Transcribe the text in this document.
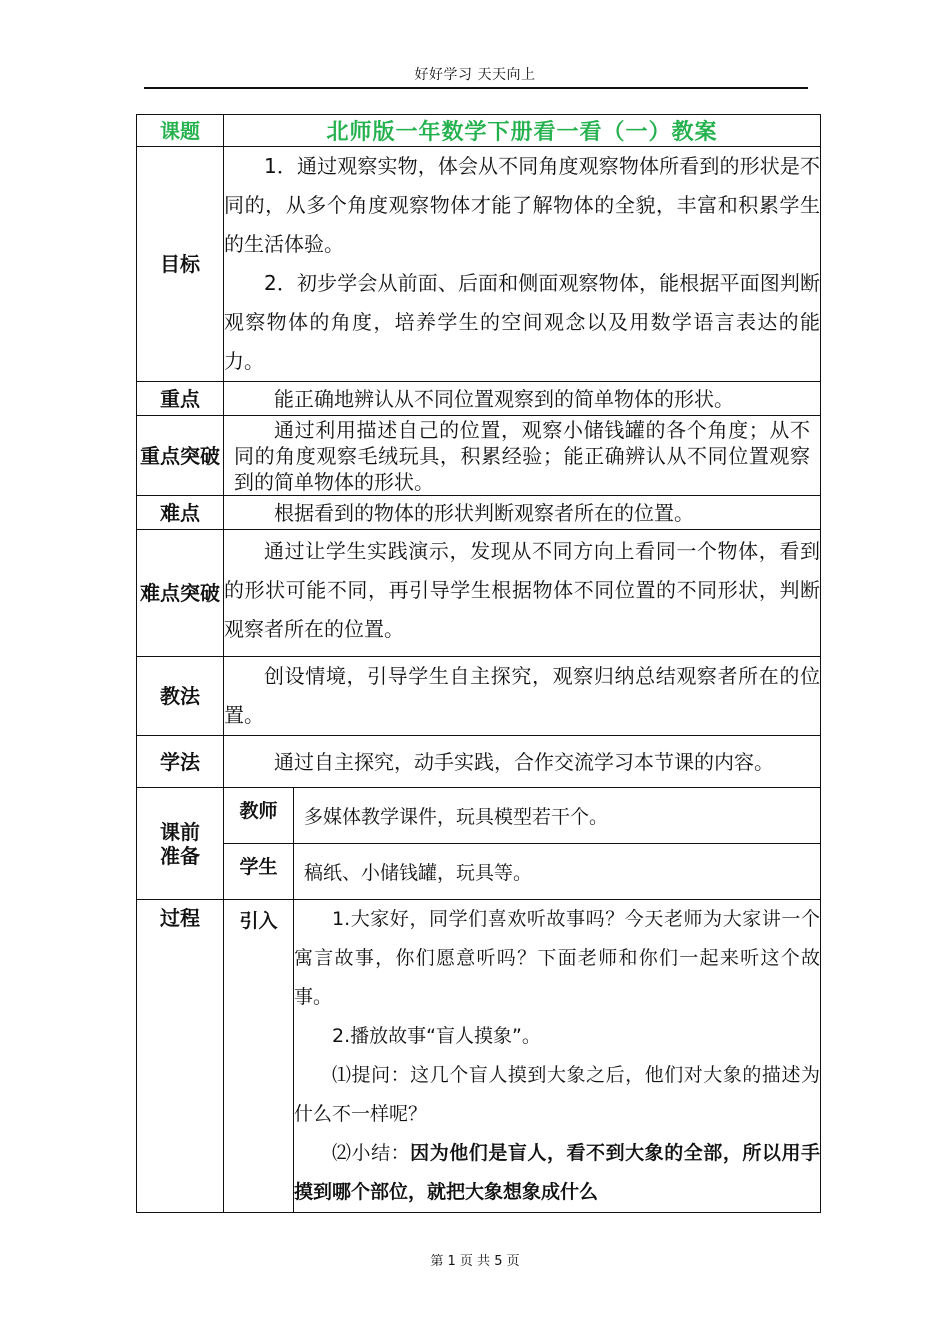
好好学习 天天向上
课题	北师版一年数学下册看一看（一）教案	
目标	1．通过观察实物，体会从不同角度观察物体所看到的形状是不同的，从多个角度观察物体才能了解物体的全貌，丰富和积累学生的生活体验。

2．初步学会从前面、后面和侧面观察物体，能根据平面图判断观察物体的角度，培养学生的空间观念以及用数学语言表达的能力。	

重点	能正确地辨认从不同位置观察到的简单物体的形状。	

重点突破	通过利用描述自己的位置，观察小储钱罐的各个角度；从不同的角度观察毛绒玩具，积累经验；能正确辨认从不同位置观察到的简单物体的形状。	

难点	根据看到的物体的形状判断观察者所在的位置。	

难点突破	通过让学生实践演示，发现从不同方向上看同一个物体，看到的形状可能不同，再引导学生根据物体不同位置的不同形状，判断观察者所在的位置。	

教法	创设情境，引导学生自主探究，观察归纳总结观察者所在的位置。	

学法	通过自主探究，动手实践，合作交流学习本节课的内容。	

课前准备	教师	多媒体教学课件，玩具模型若干个。
	学生	稿纸、小储钱罐，玩具等。
过程	引入	1.大家好，同学们喜欢听故事吗？今天老师为大家讲一个寓言故事，你们愿意听吗？下面老师和你们一起来听这个故事。

2.播放故事“盲人摸象”。

⑴提问：这几个盲人摸到大象之后，他们对大象的描述为什么不一样呢？

⑵小结：因为他们是盲人，看不到大象的全部，所以用手摸到哪个部位，就把大象想象成什么

第 1 页 共 5 页
